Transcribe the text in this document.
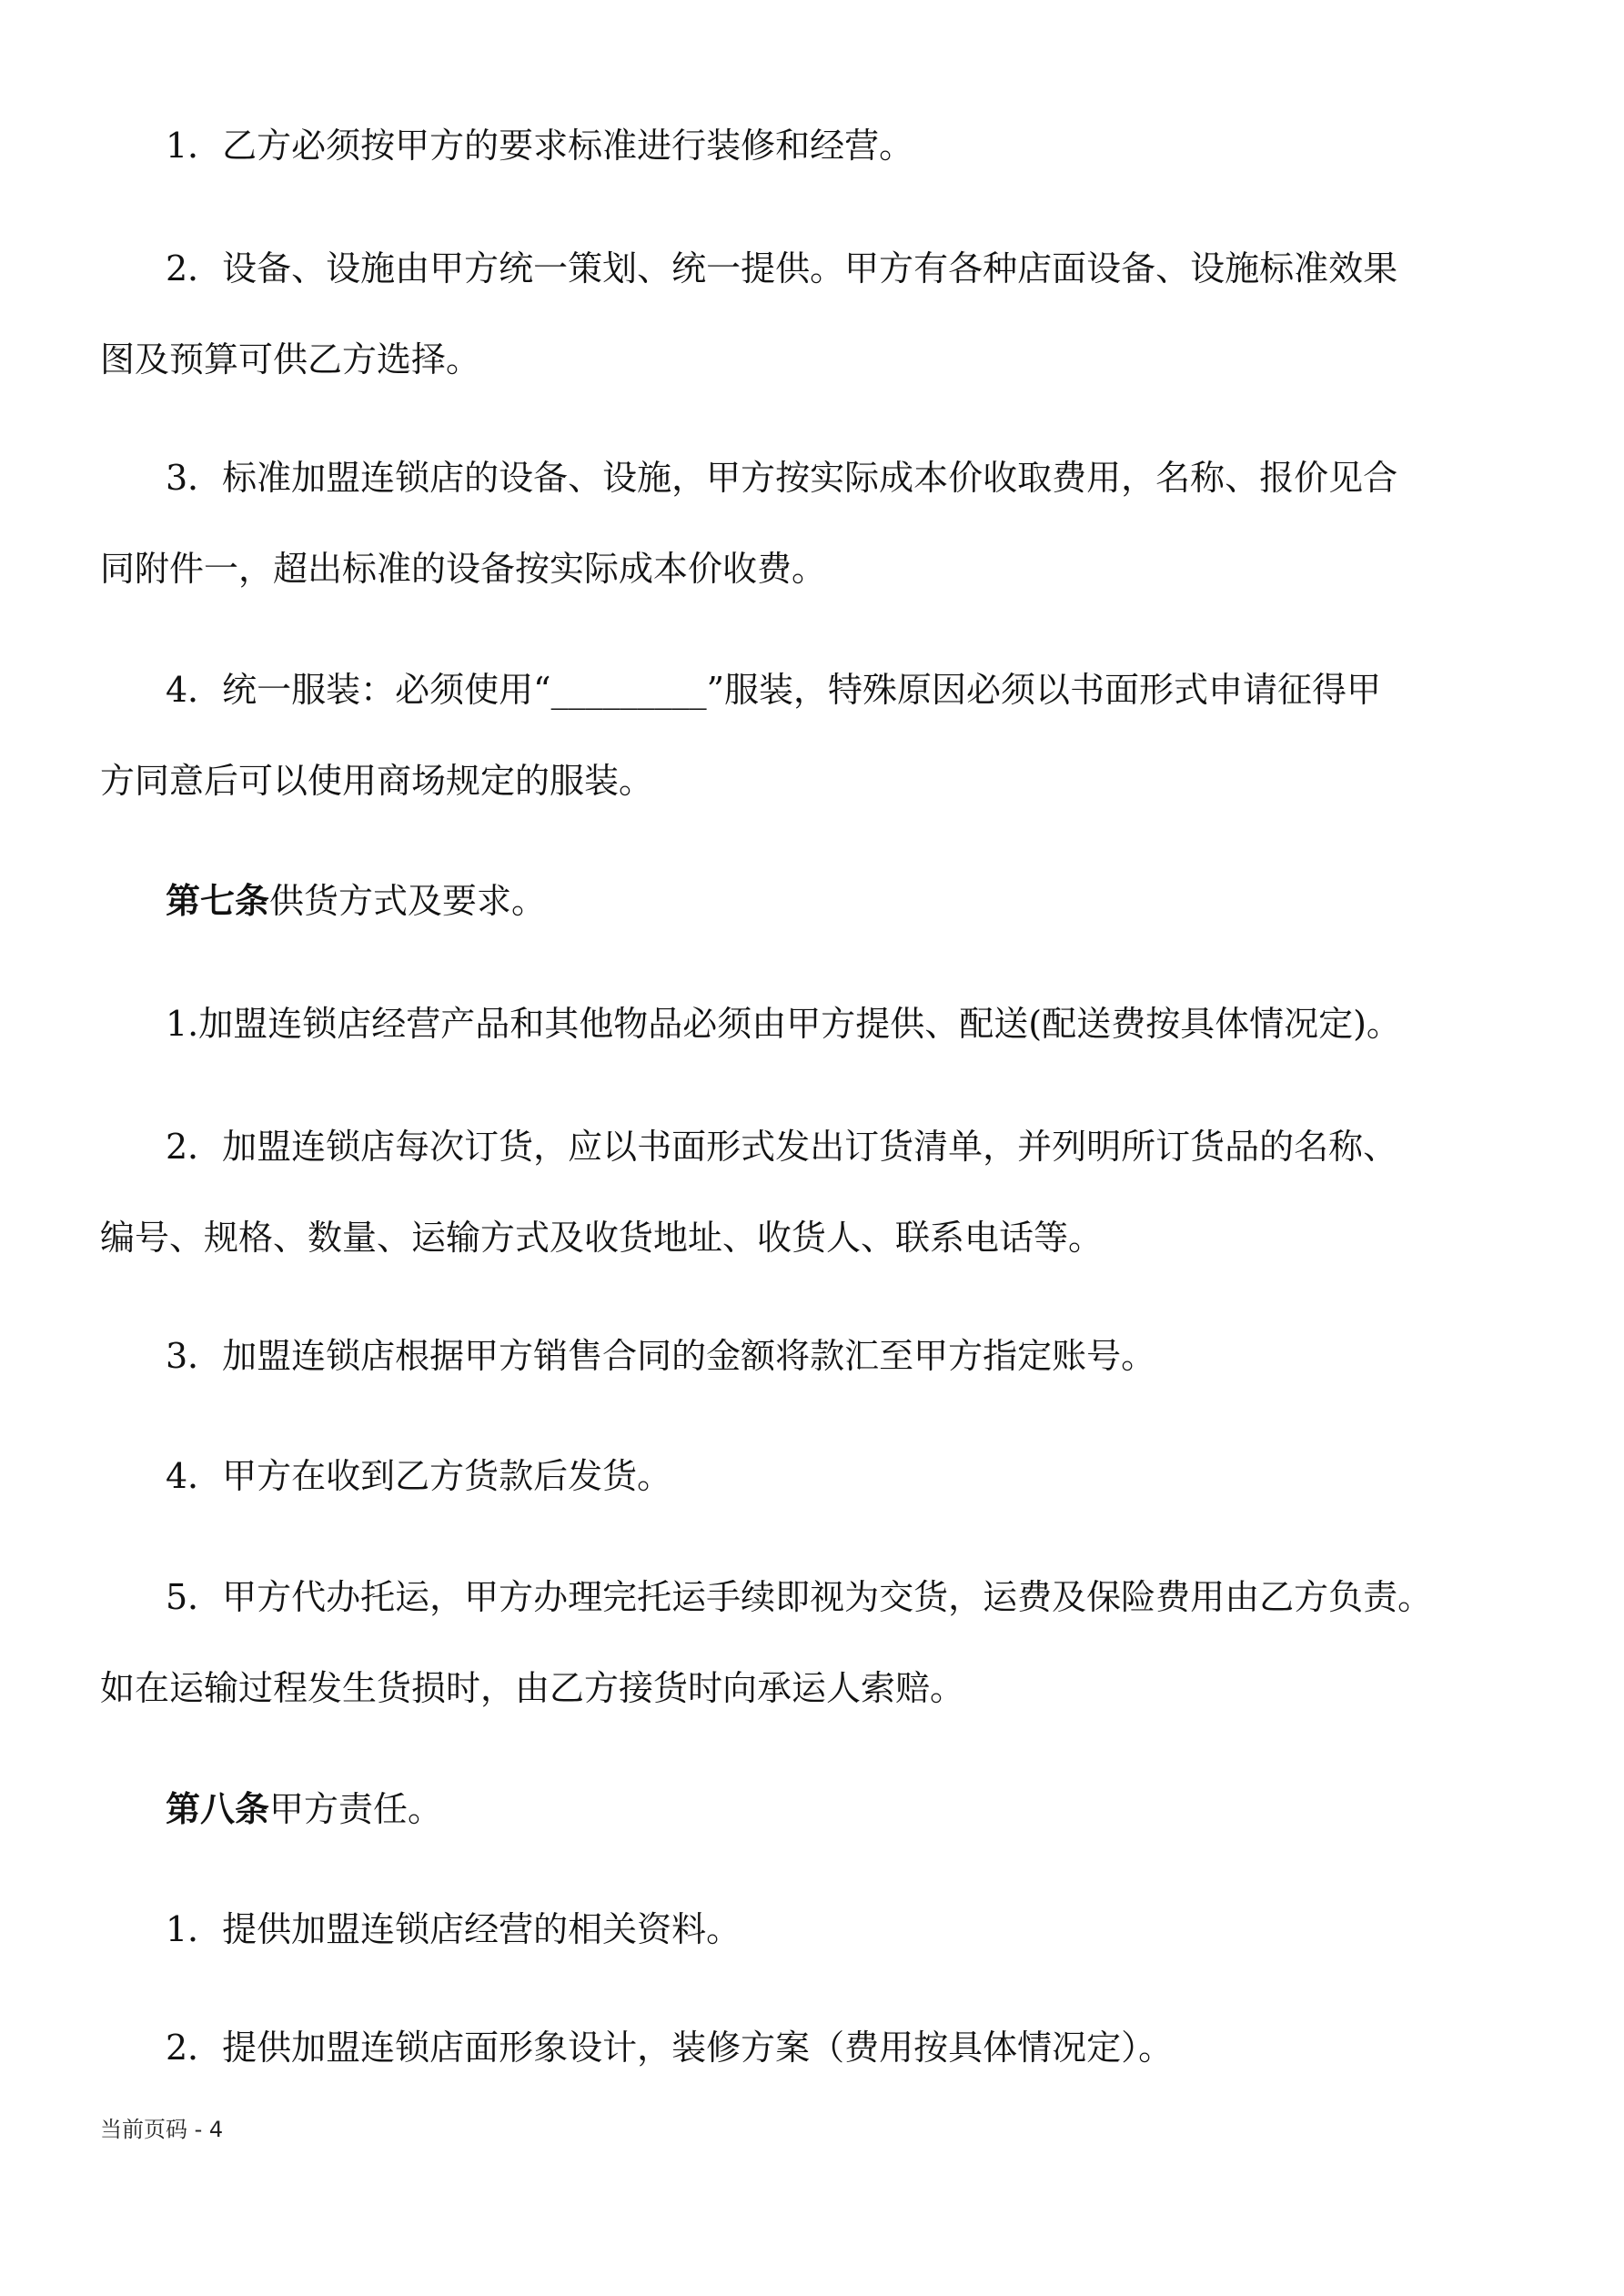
1．乙方必须按甲方的要求标准进行装修和经营。

2．设备、设施由甲方统一策划、统一提供。甲方有各种店面设备、设施标准效果
图及预算可供乙方选择。

3．标准加盟连锁店的设备、设施，甲方按实际成本价收取费用，名称、报价见合
同附件一，超出标准的设备按实际成本价收费。

4．统一服装：必须使用“_________”服装，特殊原因必须以书面形式申请征得甲
方同意后可以使用商场规定的服装。

第七条供货方式及要求。

1.加盟连锁店经营产品和其他物品必须由甲方提供、配送(配送费按具体情况定)。

2．加盟连锁店每次订货，应以书面形式发出订货清单，并列明所订货品的名称、
编号、规格、数量、运输方式及收货地址、收货人、联系电话等。

3．加盟连锁店根据甲方销售合同的金额将款汇至甲方指定账号。

4．甲方在收到乙方货款后发货。

5．甲方代办托运，甲方办理完托运手续即视为交货，运费及保险费用由乙方负责。
如在运输过程发生货损时，由乙方接货时向承运人索赔。

第八条甲方责任。

1．提供加盟连锁店经营的相关资料。

2．提供加盟连锁店面形象设计，装修方案（费用按具体情况定）。

当前页码 - 4
